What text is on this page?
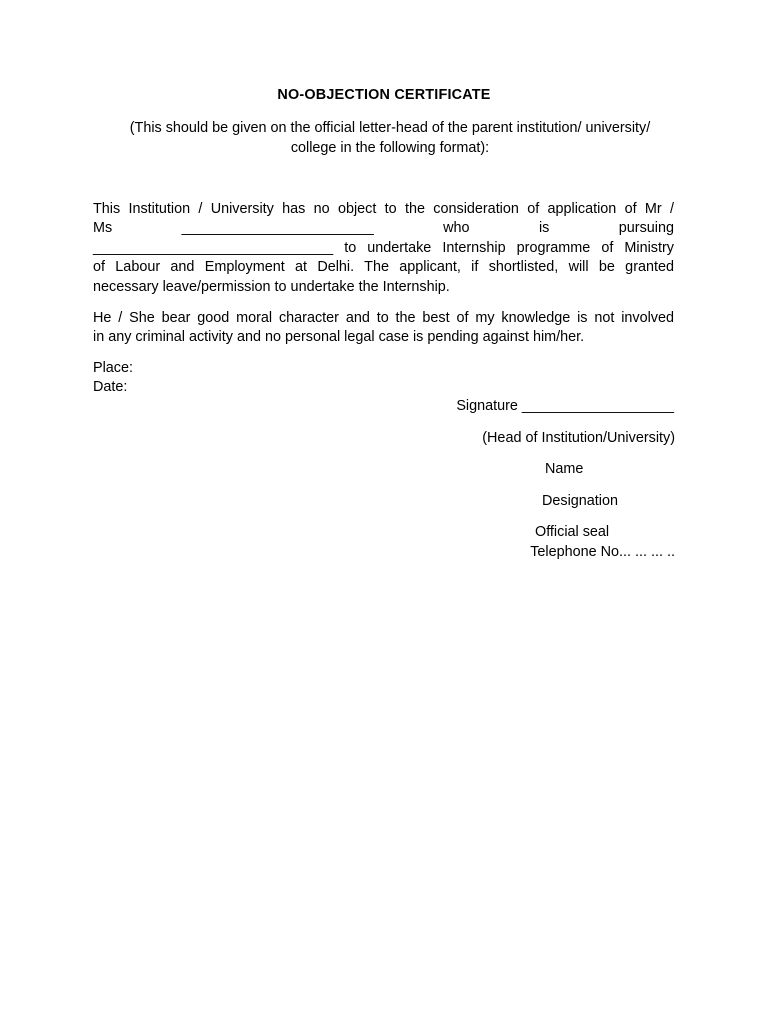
NO-OBJECTION CERTIFICATE
(This should be given on the official letter-head of the parent institution/ university/
college in the following format):
This Institution / University has no object to the consideration of application of Mr /
Ms ________________________ who is pursuing
______________________________ to undertake Internship programme of Ministry
of Labour and Employment at Delhi. The applicant, if shortlisted, will be granted
necessary leave/permission to undertake the Internship.
He / She bear good moral character and to the best of my knowledge is not involved
in any criminal activity and no personal legal case is pending against him/her.
Place:
Date:
Signature ___________________
(Head of Institution/University)
Name
Designation
Official seal
Telephone No... ... ... ..
